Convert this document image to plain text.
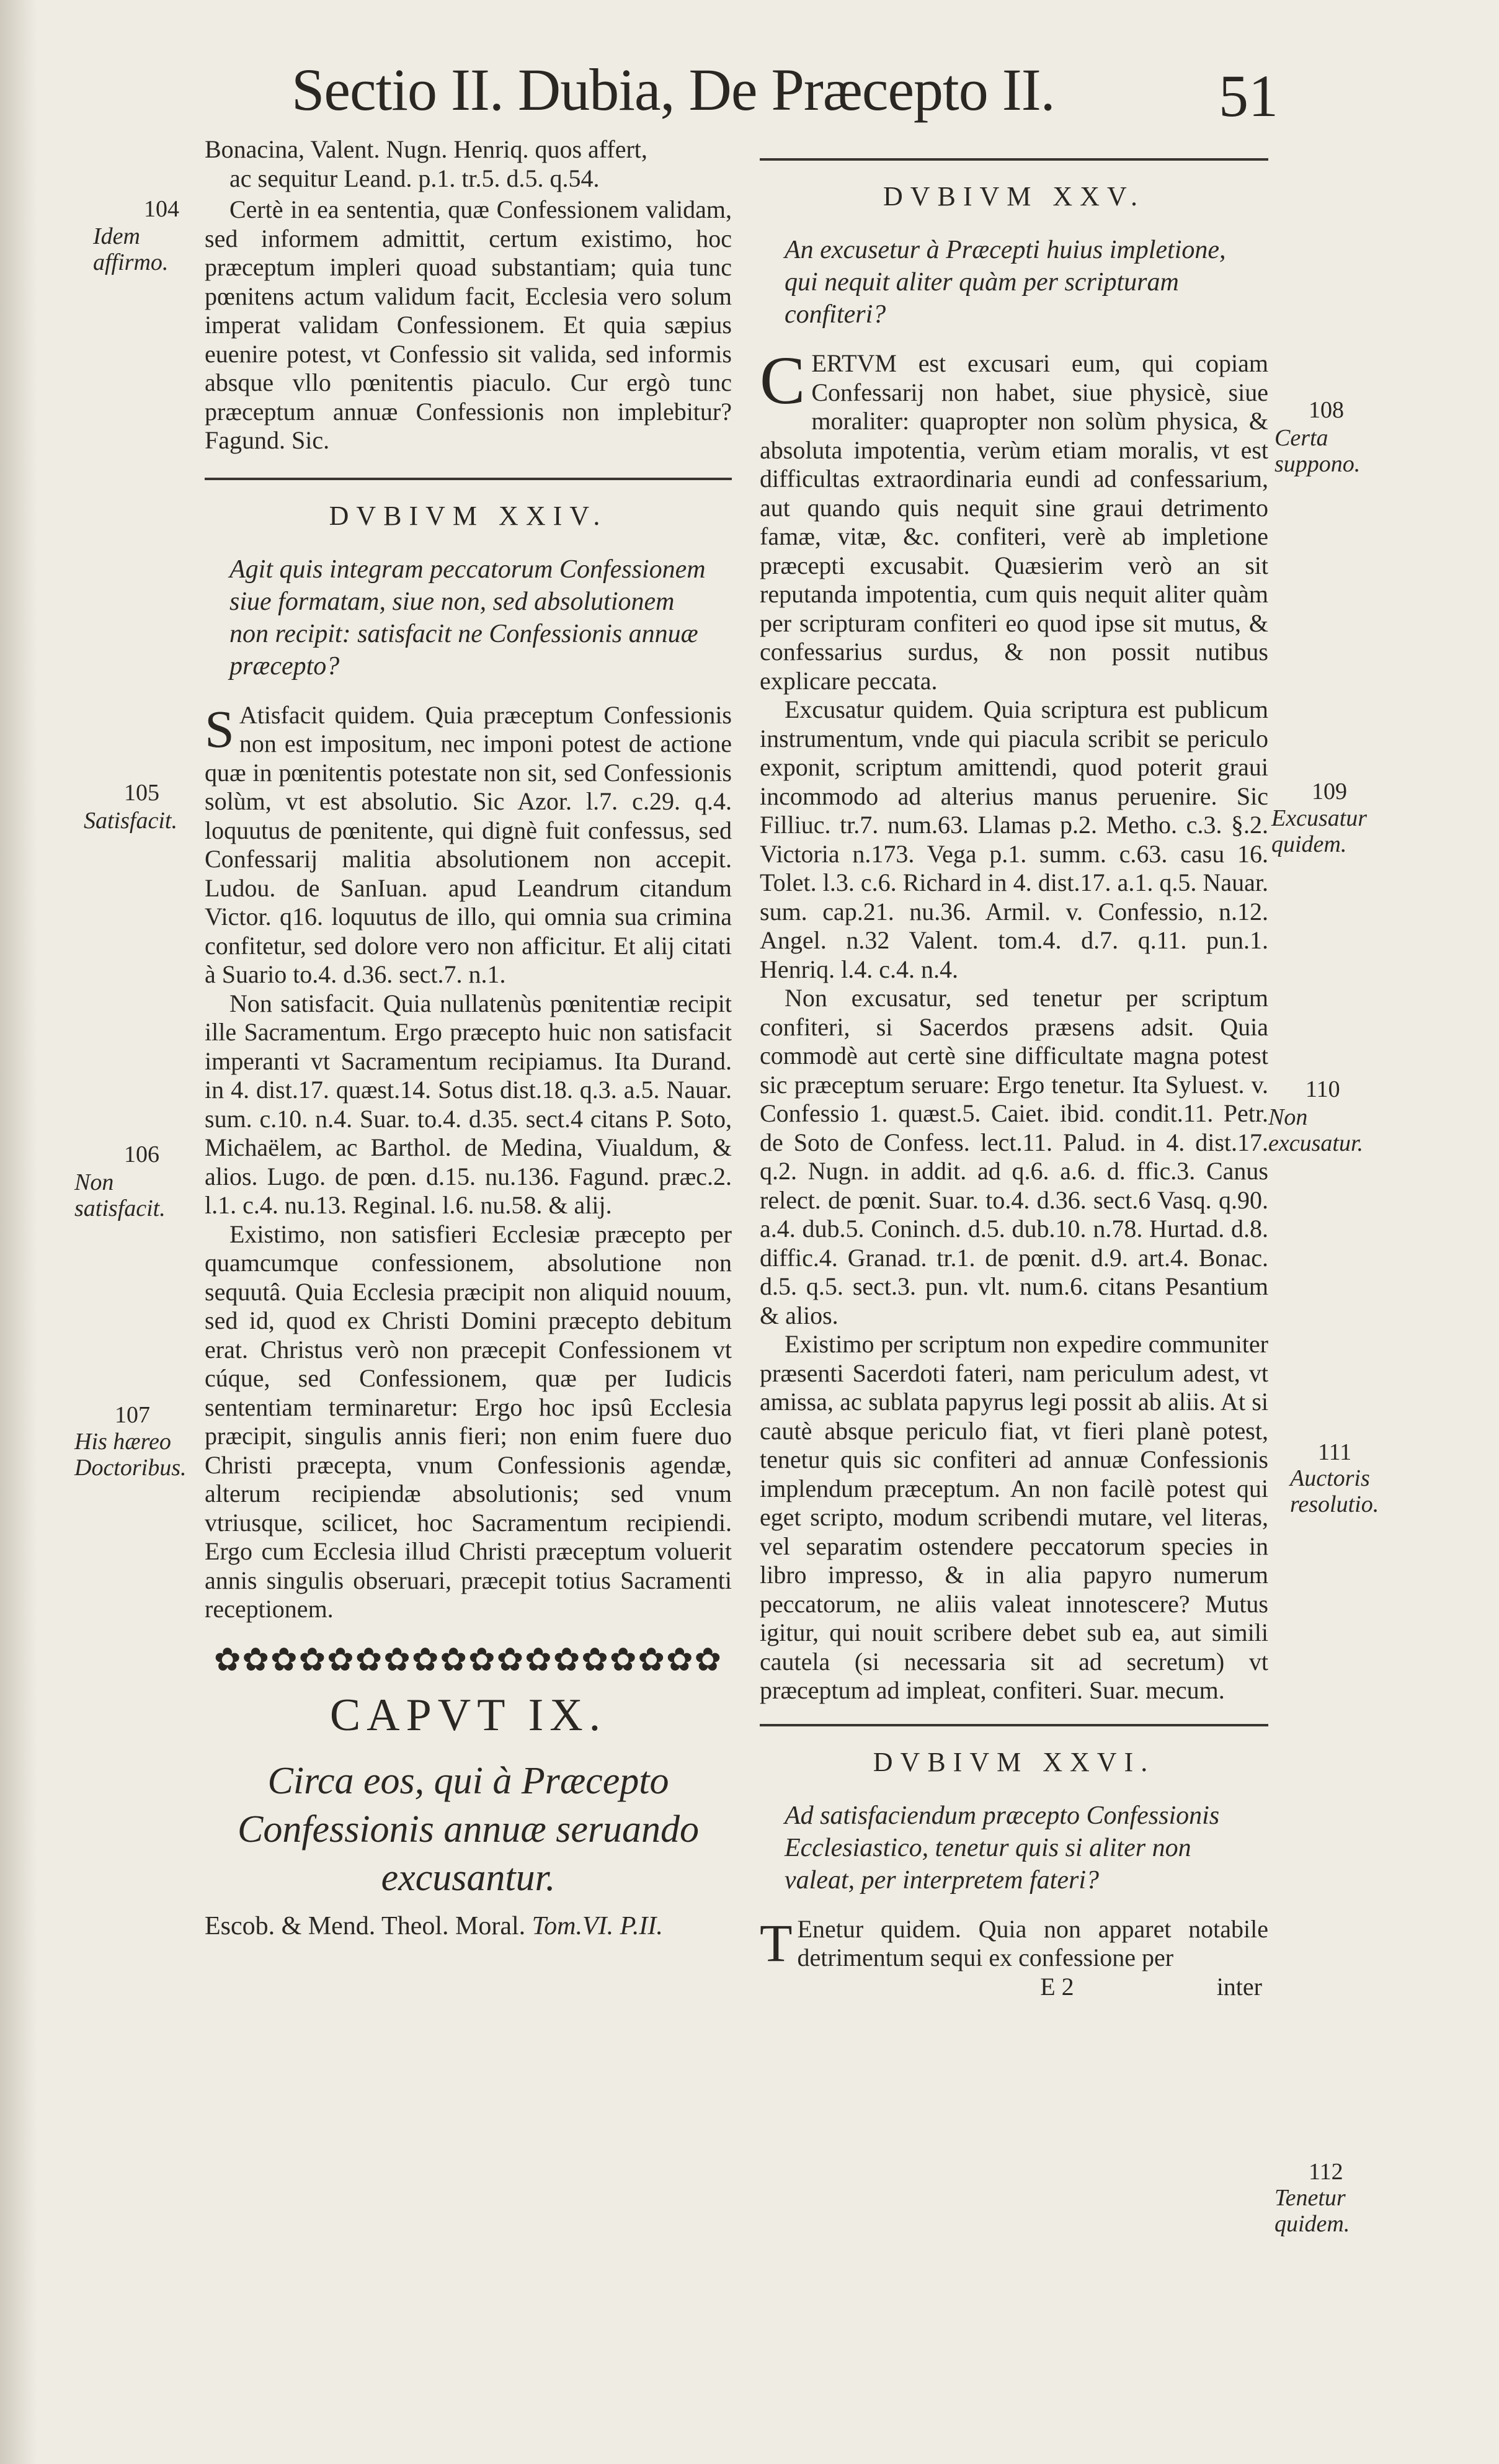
Sectio II. Dubia, De Præcepto II.	51

Bonacina, Valent. Nugn. Henriq. quos affert,

ac sequitur Leand. p.1. tr.5. d.5. q.54.

Certè in ea sententia, quæ Confessionem validam, sed informem admittit, certum existimo, hoc præceptum impleri quoad substantiam; quia tunc pœnitens actum validum facit, Ecclesia vero solum imperat validam Confessionem. Et quia sæpius euenire potest, vt Confessio sit valida, sed informis absque vllo pœnitentis piaculo. Cur ergò tunc præceptum annuæ Confessionis non implebitur? Fagund. Sic.

DVBIVM XXIV.
Agit quis integram peccatorum Confessionem siue formatam, siue non, sed absolutionem non recipit: satisfacit ne Confessionis annuæ præcepto?

S Atisfacit quidem. Quia præceptum Confessionis non est impositum, nec imponi potest de actione quæ in pœnitentis potestate non sit, sed Confessionis solùm, vt est absolutio. Sic Azor. l.7. c.29. q.4. loquutus de pœnitente, qui dignè fuit confessus, sed Confessarij malitia absolutionem non accepit. Ludou. de SanIuan. apud Leandrum citandum Victor. q16. loquutus de illo, qui omnia sua crimina confitetur, sed dolore vero non afficitur. Et alij citati à Suario to.4. d.36. sect.7. n.1.

Non satisfacit. Quia nullatenùs pœnitentiæ recipit ille Sacramentum. Ergo præcepto huic non satisfacit imperanti vt Sacramentum recipiamus. Ita Durand. in 4. dist.17. quæst.14. Sotus dist.18. q.3. a.5. Nauar. sum. c.10. n.4. Suar. to.4. d.35. sect.4 citans P. Soto, Michaëlem, ac Barthol. de Medina, Viualdum, & alios. Lugo. de pœn. d.15. nu.136. Fagund. præc.2. l.1. c.4. nu.13. Reginal. l.6. nu.58. & alij.

Existimo, non satisfieri Ecclesiæ præcepto per quamcumque confessionem, absolutione non sequutâ. Quia Ecclesia præcipit non aliquid nouum, sed id, quod ex Christi Domini præcepto debitum erat. Christus verò non præcepit Confessionem vt cúque, sed Confessionem, quæ per Iudicis sententiam terminaretur: Ergo hoc ipsû Ecclesia præcipit, singulis annis fieri; non enim fuere duo Christi præcepta, vnum Confessionis agendæ, alterum recipiendæ absolutionis; sed vnum vtriusque, scilicet, hoc Sacramentum recipiendi. Ergo cum Ecclesia illud Christi præceptum voluerit annis singulis obseruari, præcepit totius Sacramenti receptionem.

✿✿✿✿✿✿✿✿✿✿✿✿✿✿✿✿✿✿
CAPVT IX.
Circa eos, qui à Præcepto Confessionis annuæ seruando excusantur.
Escob. & Mend. Theol. Moral. Tom.VI. P.II.
DVBIVM XXV.
An excusetur à Præcepti huius impletione, qui nequit aliter quàm per scripturam confiteri?

CERTVM est excusari eum, qui copiam Confessarij non habet, siue physicè, siue moraliter: quapropter non solùm physica, & absoluta impotentia, verùm etiam moralis, vt est difficultas extraordinaria eundi ad confessarium, aut quando quis nequit sine graui detrimento famæ, vitæ, &c. confiteri, verè ab impletione præcepti excusabit. Quæsierim verò an sit reputanda impotentia, cum quis nequit aliter quàm per scripturam confiteri eo quod ipse sit mutus, & confessarius surdus, & non possit nutibus explicare peccata.

Excusatur quidem. Quia scriptura est publicum instrumentum, vnde qui piacula scribit se periculo exponit, scriptum amittendi, quod poterit graui incommodo ad alterius manus peruenire. Sic Filliuc. tr.7. num.63. Llamas p.2. Metho. c.3. §.2. Victoria n.173. Vega p.1. summ. c.63. casu 16. Tolet. l.3. c.6. Richard in 4. dist.17. a.1. q.5. Nauar. sum. cap.21. nu.36. Armil. v. Confessio, n.12. Angel. n.32 Valent. tom.4. d.7. q.11. pun.1. Henriq. l.4. c.4. n.4.

Non excusatur, sed tenetur per scriptum confiteri, si Sacerdos præsens adsit. Quia commodè aut certè sine difficultate magna potest sic præceptum seruare: Ergo tenetur. Ita Syluest. v. Confessio 1. quæst.5. Caiet. ibid. condit.11. Petr. de Soto de Confess. lect.11. Palud. in 4. dist.17. q.2. Nugn. in addit. ad q.6. a.6. d. ffic.3. Canus relect. de pœnit. Suar. to.4. d.36. sect.6 Vasq. q.90. a.4. dub.5. Coninch. d.5. dub.10. n.78. Hurtad. d.8. diffic.4. Granad. tr.1. de pœnit. d.9. art.4. Bonac. d.5. q.5. sect.3. pun. vlt. num.6. citans Pesantium & alios.

Existimo per scriptum non expedire communiter præsenti Sacerdoti fateri, nam periculum adest, vt amissa, ac sublata papyrus legi possit ab aliis. At si cautè absque periculo fiat, vt fieri planè potest, tenetur quis sic confiteri ad annuæ Confessionis implendum præceptum. An non facilè potest qui eget scripto, modum scribendi mutare, vel literas, vel separatim ostendere peccatorum species in libro impresso, & in alia papyro numerum peccatorum, ne aliis valeat innotescere? Mutus igitur, qui nouit scribere debet sub ea, aut simili cautela (si necessaria sit ad secretum) vt præceptum ad impleat, confiteri. Suar. mecum.

DVBIVM XXVI.
Ad satisfaciendum præcepto Confessionis Ecclesiastico, tenetur quis si aliter non valeat, per interpretem fateri?

T Enetur quidem. Quia non apparet notabile detrimentum sequi ex confessione per

E 2	inter

104
Idem affirmo.
105
Satisfacit.
106
Non satisfacit.
107
His hæreo Doctoribus.
108
Certa suppono.
109
Excusatur quidem.
110
Non excusatur.
111
Auctoris resolutio.
112
Tenetur quidem.
